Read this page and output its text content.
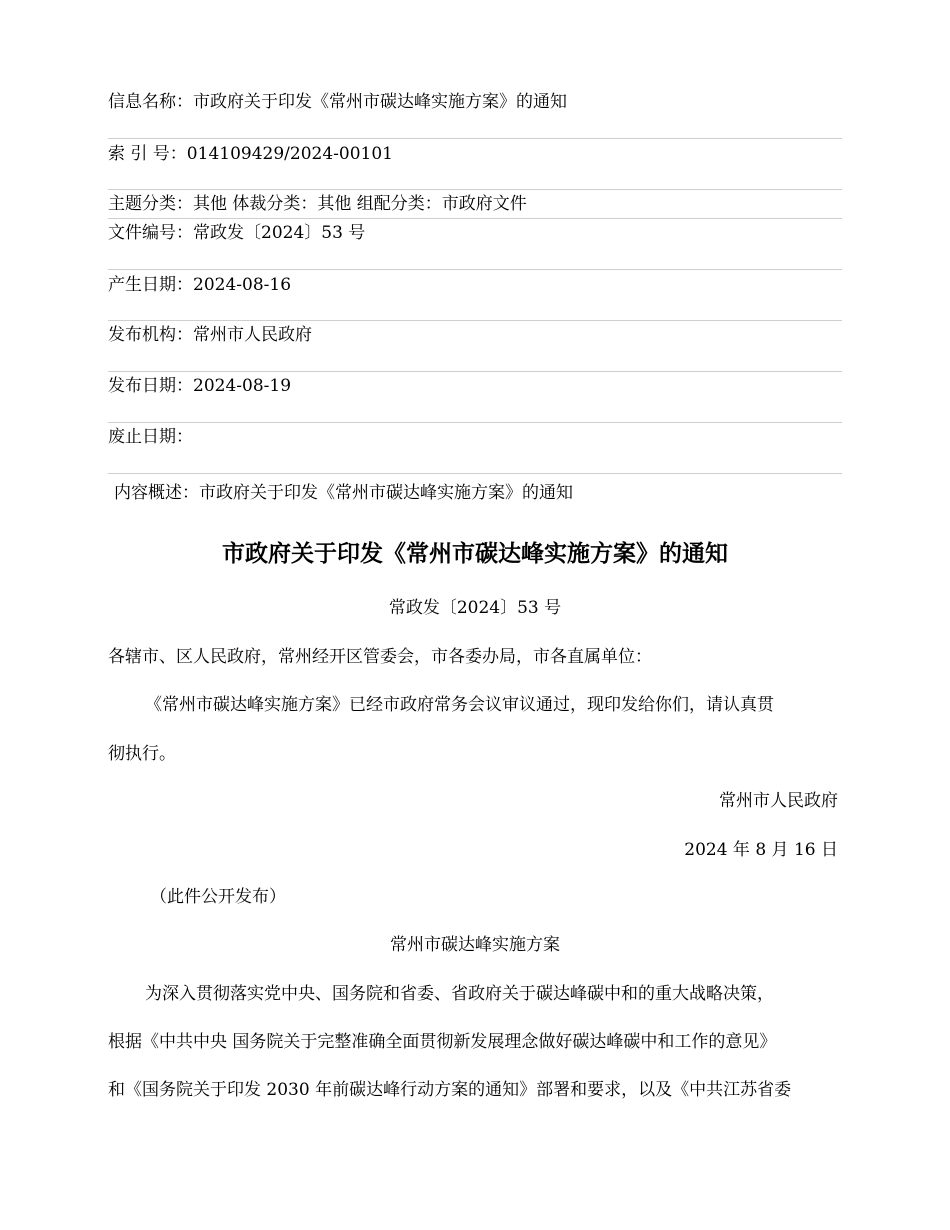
信息名称：市政府关于印发《常州市碳达峰实施方案》的通知
索 引 号：014109429/2024-00101
主题分类：其他 体裁分类：其他 组配分类：市政府文件
文件编号：常政发〔2024〕53 号
产生日期：2024-08-16
发布机构：常州市人民政府
发布日期：2024-08-19
废止日期：
内容概述：市政府关于印发《常州市碳达峰实施方案》的通知
市政府关于印发《常州市碳达峰实施方案》的通知
常政发〔2024〕53 号
各辖市、区人民政府，常州经开区管委会，市各委办局，市各直属单位：
《常州市碳达峰实施方案》已经市政府常务会议审议通过，现印发给你们，请认真贯
彻执行。
常州市人民政府
2024 年 8 月 16 日
（此件公开发布）
常州市碳达峰实施方案
为深入贯彻落实党中央、国务院和省委、省政府关于碳达峰碳中和的重大战略决策，
根据《中共中央 国务院关于完整准确全面贯彻新发展理念做好碳达峰碳中和工作的意见》
和《国务院关于印发 2030 年前碳达峰行动方案的通知》部署和要求，以及《中共江苏省委
